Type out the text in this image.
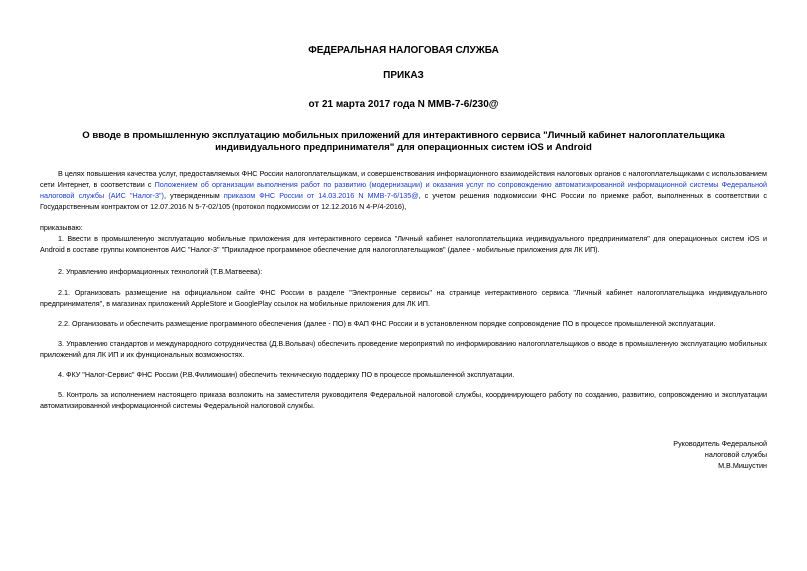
ФЕДЕРАЛЬНАЯ НАЛОГОВАЯ СЛУЖБА
ПРИКАЗ
от 21 марта 2017 года N ММВ-7-6/230@
О вводе в промышленную эксплуатацию мобильных приложений для интерактивного сервиса "Личный кабинет налогоплательщика индивидуального предпринимателя" для операционных систем iOS и Android

В целях повышения качества услуг, предоставляемых ФНС России налогоплательщикам, и совершенствования информационного взаимодействия налоговых органов с налогоплательщиками с использованием сети Интернет, в соответствии с Положением об организации выполнения работ по развитию (модернизации) и оказания услуг по сопровождению автоматизированной информационной системы Федеральной налоговой службы (АИС "Налог-3"), утвержденным приказом ФНС России от 14.03.2016 N ММВ-7-6/135@, с учетом решения подкомиссии ФНС России по приемке работ, выполненных в соответствии с Государственным контрактом от 12.07.2016 N 5-7-02/105 (протокол подкомиссии от 12.12.2016 N 4-Р/4-2016),

приказываю:

1. Ввести в промышленную эксплуатацию мобильные приложения для интерактивного сервиса "Личный кабинет налогоплательщика индивидуального предпринимателя" для операционных систем iOS и Android в составе группы компонентов АИС "Налог-3" "Прикладное программное обеспечение для налогоплательщиков" (далее - мобильные приложения для ЛК ИП).

2. Управлению информационных технологий (Т.В.Матвеева):

2.1. Организовать размещение на официальном сайте ФНС России в разделе "Электронные сервисы" на странице интерактивного сервиса "Личный кабинет налогоплательщика индивидуального предпринимателя", в магазинах приложений AppleStore и GooglePlay ссылок на мобильные приложения для ЛК ИП.

2.2. Организовать и обеспечить размещение программного обеспечения (далее - ПО) в ФАП ФНС России и в установленном порядке сопровождение ПО в процессе промышленной эксплуатации.

3. Управлению стандартов и международного сотрудничества (Д.В.Вольвач) обеспечить проведение мероприятий по информированию налогоплательщиков о вводе в промышленную эксплуатацию мобильных приложений для ЛК ИП и их функциональных возможностях.

4. ФКУ "Налог-Сервис" ФНС России (Р.В.Филимошин) обеспечить техническую поддержку ПО в процессе промышленной эксплуатации.

5. Контроль за исполнением настоящего приказа возложить на заместителя руководителя Федеральной налоговой службы, координирующего работу по созданию, развитию, сопровождению и эксплуатации автоматизированной информационной системы Федеральной налоговой службы.

Руководитель Федеральной
налоговой службы
М.В.Мишустин
